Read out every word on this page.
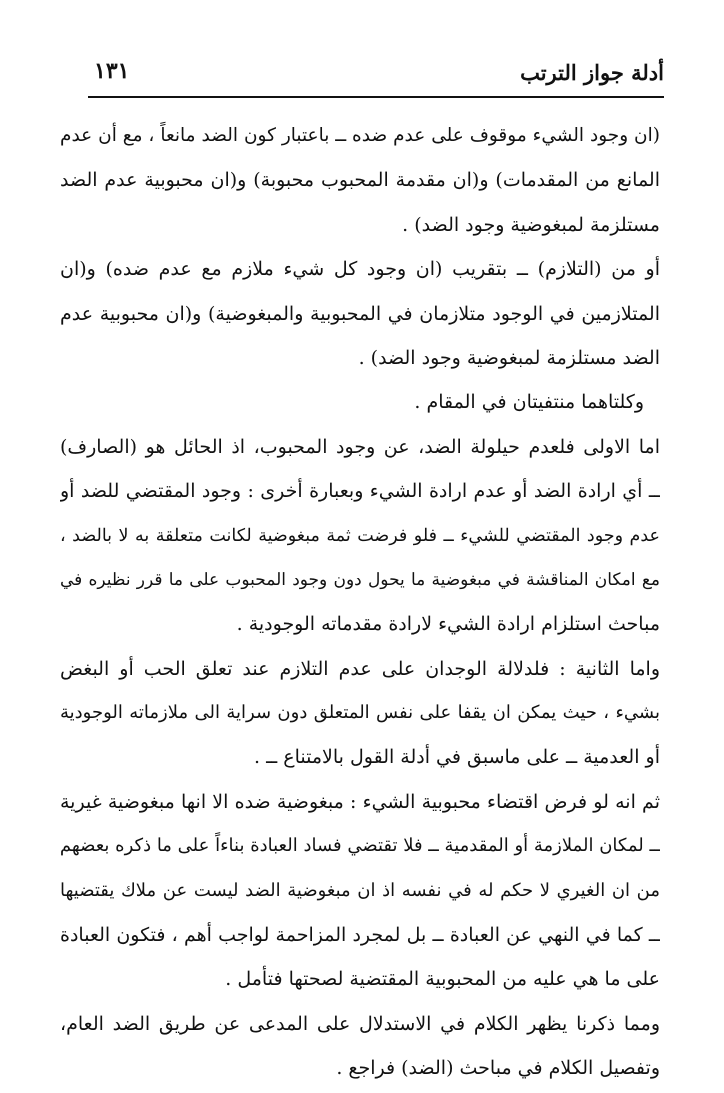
أدلة جواز الترتب
١٣١
(ان وجود الشيء موقوف على عدم ضده ــ باعتبار كون الضد مانعاً ، مع أن عدم
المانع من المقدمات) و(ان مقدمة المحبوب محبوبة) و(ان محبوبية عدم الضد
مستلزمة لمبغوضية وجود الضد) .
أو من (التلازم) ــ بتقريب (ان وجود كل شيء ملازم مع عدم ضده) و(ان
المتلازمين في الوجود متلازمان في المحبوبية والمبغوضية) و(ان محبوبية عدم
الضد مستلزمة لمبغوضية وجود الضد) .
وكلتاهما منتفيتان في المقام .
اما الاولى فلعدم حيلولة الضد، عن وجود المحبوب، اذ الحائل هو (الصارف)
ــ أي ارادة الضد أو عدم ارادة الشيء وبعبارة أخرى : وجود المقتضي للضد أو
عدم وجود المقتضي للشيء ــ فلو فرضت ثمة مبغوضية لكانت متعلقة به لا بالضد ،
مع امكان المناقشة في مبغوضية ما يحول دون وجود المحبوب على ما قرر نظيره في
مباحث استلزام ارادة الشيء لارادة مقدماته الوجودية .
واما الثانية : فلدلالة الوجدان على عدم التلازم عند تعلق الحب أو البغض
بشيء ، حيث يمكن ان يقفا على نفس المتعلق دون سراية الى ملازماته الوجودية
أو العدمية ــ على ماسبق في أدلة القول بالامتناع ــ .
ثم انه لو فرض اقتضاء محبوبية الشيء : مبغوضية ضده الا انها مبغوضية غيرية
ــ لمكان الملازمة أو المقدمية ــ فلا تقتضي فساد العبادة بناءاً على ما ذكره بعضهم
من ان الغيري لا حكم له في نفسه اذ ان مبغوضية الضد ليست عن ملاك يقتضيها
ــ كما في النهي عن العبادة ــ بل لمجرد المزاحمة لواجب أهم ، فتكون العبادة
على ما هي عليه من المحبوبية المقتضية لصحتها فتأمل .
ومما ذكرنا يظهر الكلام في الاستدلال على المدعى عن طريق الضد العام،
وتفصيل الكلام في مباحث (الضد) فراجع .
